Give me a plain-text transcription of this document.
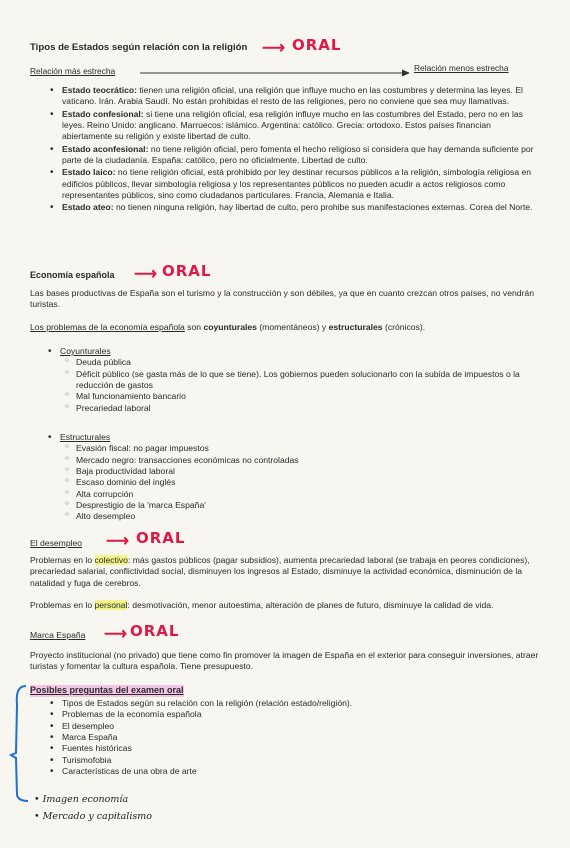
Tipos de Estados según relación con la religión ⟶ ORAL
Relación más estrecha	Relación menos estrecha
• Estado teocrático: tienen una religión oficial, una religión que influye mucho en las costumbres y determina las leyes. El vaticano. Irán. Arabia Saudí. No están prohibidas el resto de las religiones, pero no conviene que sea muy llamativas.
• Estado confesional: si tiene una religión oficial, esa religión influye mucho en las costumbres del Estado, pero no en las leyes. Reino Unido: anglicano. Marruecos: islámico. Argentina: católico. Grecia: ortodoxo. Estos países financian abiertamente su religión y existe libertad de culto.
• Estado aconfesional: no tiene religión oficial, pero fomenta el hecho religioso si considera que hay demanda suficiente por parte de la ciudadanía. España: católico, pero no oficialmente. Libertad de culto.
• Estado laico: no tiene religión oficial, está prohibido por ley destinar recursos públicos a la religión, simbología religiosa en edificios públicos, llevar simbología religiosa y los representantes públicos no pueden acudir a actos religiosos como representantes públicos, sino como ciudadanos particulares. Francia, Alemania e Italia.
• Estado ateo: no tienen ninguna religión, hay libertad de culto, pero prohibe sus manifestaciones externas. Corea del Norte.
Economía española ⟶ ORAL
Las bases productivas de España son el turismo y la construcción y son débiles, ya que en cuanto crezcan otros países, no vendrán turistas.
Los problemas de la economía española son coyunturales (momentáneos) y estructurales (crónicos).
• Coyunturales
○ Deuda pública
○ Déficit público (se gasta más de lo que se tiene). Los gobiernos pueden solucionarlo con la subida de impuestos o la reducción de gastos
○ Mal funcionamiento bancario
○ Precariedad laboral
• Estructurales
○ Evasión fiscal: no pagar impuestos
○ Mercado negro: transacciones económicas no controladas
○ Baja productividad laboral
○ Escaso dominio del inglés
○ Alta corrupción
○ Desprestigio de la 'marca España'
○ Alto desempleo
El desempleo ⟶ ORAL
Problemas en lo colectivo: más gastos públicos (pagar subsidios), aumenta precariedad laboral (se trabaja en peores condiciones), precariedad salarial, conflictividad social, disminuyen los ingresos al Estado, disminuye la actividad económica, disminución de la natalidad y fuga de cerebros.
Problemas en lo personal: desmotivación, menor autoestima, alteración de planes de futuro, disminuye la calidad de vida.
Marca España ⟶ ORAL
Proyecto institucional (no privado) que tiene como fin promover la imagen de España en el exterior para conseguir inversiones, atraer turistas y fomentar la cultura española. Tiene presupuesto.
Posibles preguntas del examen oral
• Tipos de Estados según su relación con la religión (relación estado/religión).
• Problemas de la economía española
• El desempleo
• Marca España
• Fuentes históricas
• Turismofobia
• Características de una obra de arte
• Imagen economía
• Mercado y capitalismo
